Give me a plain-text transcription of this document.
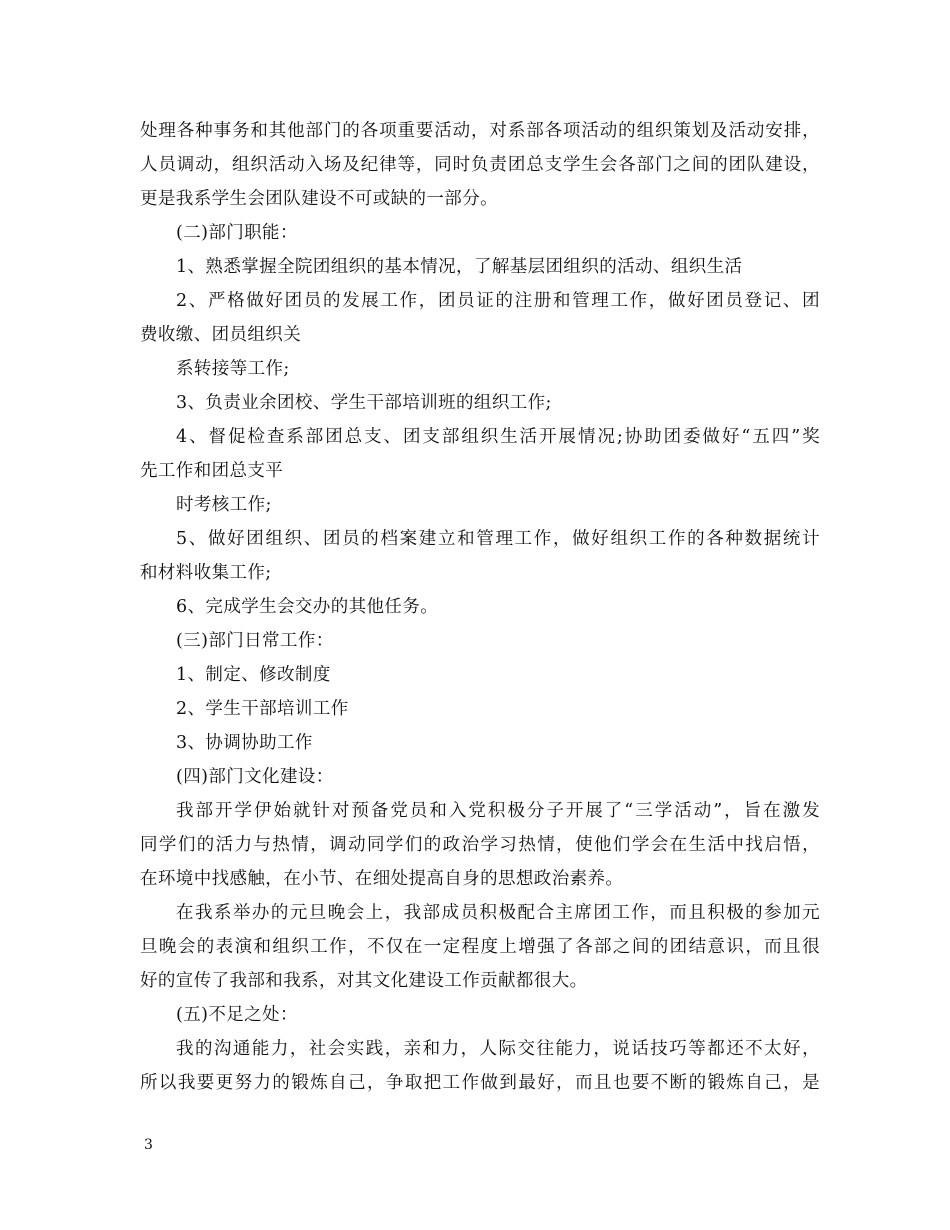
处理各种事务和其他部门的各项重要活动，对系部各项活动的组织策划及活动安排，
人员调动，组织活动入场及纪律等，同时负责团总支学生会各部门之间的团队建设，
更是我系学生会团队建设不可或缺的一部分。
(二)部门职能：
1、熟悉掌握全院团组织的基本情况，了解基层团组织的活动、组织生活
2、严格做好团员的发展工作，团员证的注册和管理工作，做好团员登记、团
费收缴、团员组织关
系转接等工作;
3、负责业余团校、学生干部培训班的组织工作;
4、督促检查系部团总支、团支部组织生活开展情况;协助团委做好“五四”奖
先工作和团总支平
时考核工作;
5、做好团组织、团员的档案建立和管理工作，做好组织工作的各种数据统计
和材料收集工作;
6、完成学生会交办的其他任务。
(三)部门日常工作：
1、制定、修改制度
2、学生干部培训工作
3、协调协助工作
(四)部门文化建设：
我部开学伊始就针对预备党员和入党积极分子开展了“三学活动”，旨在激发
同学们的活力与热情，调动同学们的政治学习热情，使他们学会在生活中找启悟，
在环境中找感触，在小节、在细处提高自身的思想政治素养。
在我系举办的元旦晚会上，我部成员积极配合主席团工作，而且积极的参加元
旦晚会的表演和组织工作，不仅在一定程度上增强了各部之间的团结意识，而且很
好的宣传了我部和我系，对其文化建设工作贡献都很大。
(五)不足之处：
我的沟通能力，社会实践，亲和力，人际交往能力，说话技巧等都还不太好，
所以我要更努力的锻炼自己，争取把工作做到最好，而且也要不断的锻炼自己，是
3
